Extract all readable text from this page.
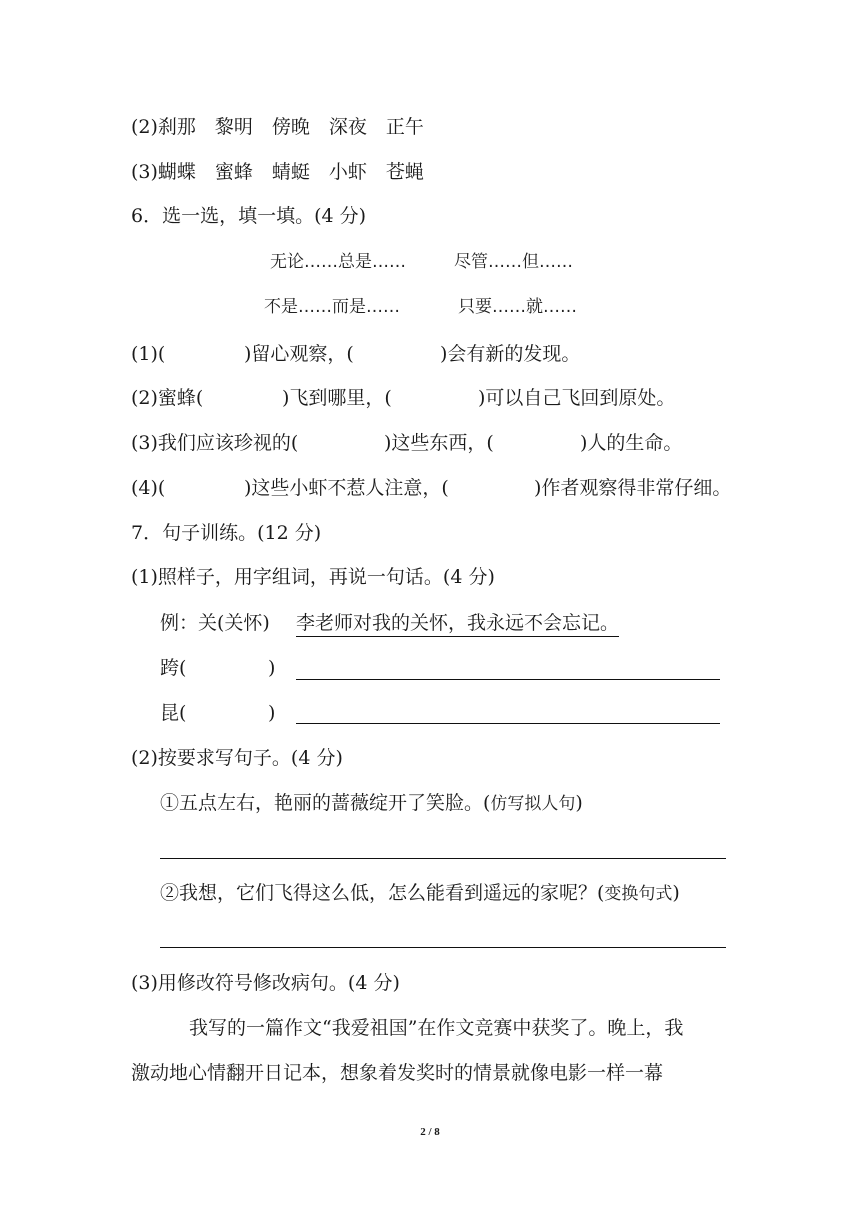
(2)刹那　黎明　傍晚　深夜　正午
(3)蝴蝶　蜜蜂　蜻蜓　小虾　苍蝇
6．选一选，填一填。(4 分)
无论……总是……	尽管……但……
不是……而是……	只要……就……
(1)(	)留心观察，(	)会有新的发现。
(2)蜜蜂(	)飞到哪里，(	)可以自己飞回到原处。
(3)我们应该珍视的(	)这些东西，(	)人的生命。
(4)(	)这些小虾不惹人注意，(	)作者观察得非常仔细。
7．句子训练。(12 分)
(1)照样子，用字组词，再说一句话。(4 分)
例：关(关怀) 李老师对我的关怀，我永远不会忘记。
跨(	)
昆(	)
(2)按要求写句子。(4 分)
①五点左右，艳丽的蔷薇绽开了笑脸。(仿写拟人句)
②我想，它们飞得这么低，怎么能看到遥远的家呢？(变换句式)
(3)用修改符号修改病句。(4 分)
我写的一篇作文“我爱祖国”在作文竞赛中获奖了。晚上，我
激动地心情翻开日记本，想象着发奖时的情景就像电影一样一幕
2 / 8
